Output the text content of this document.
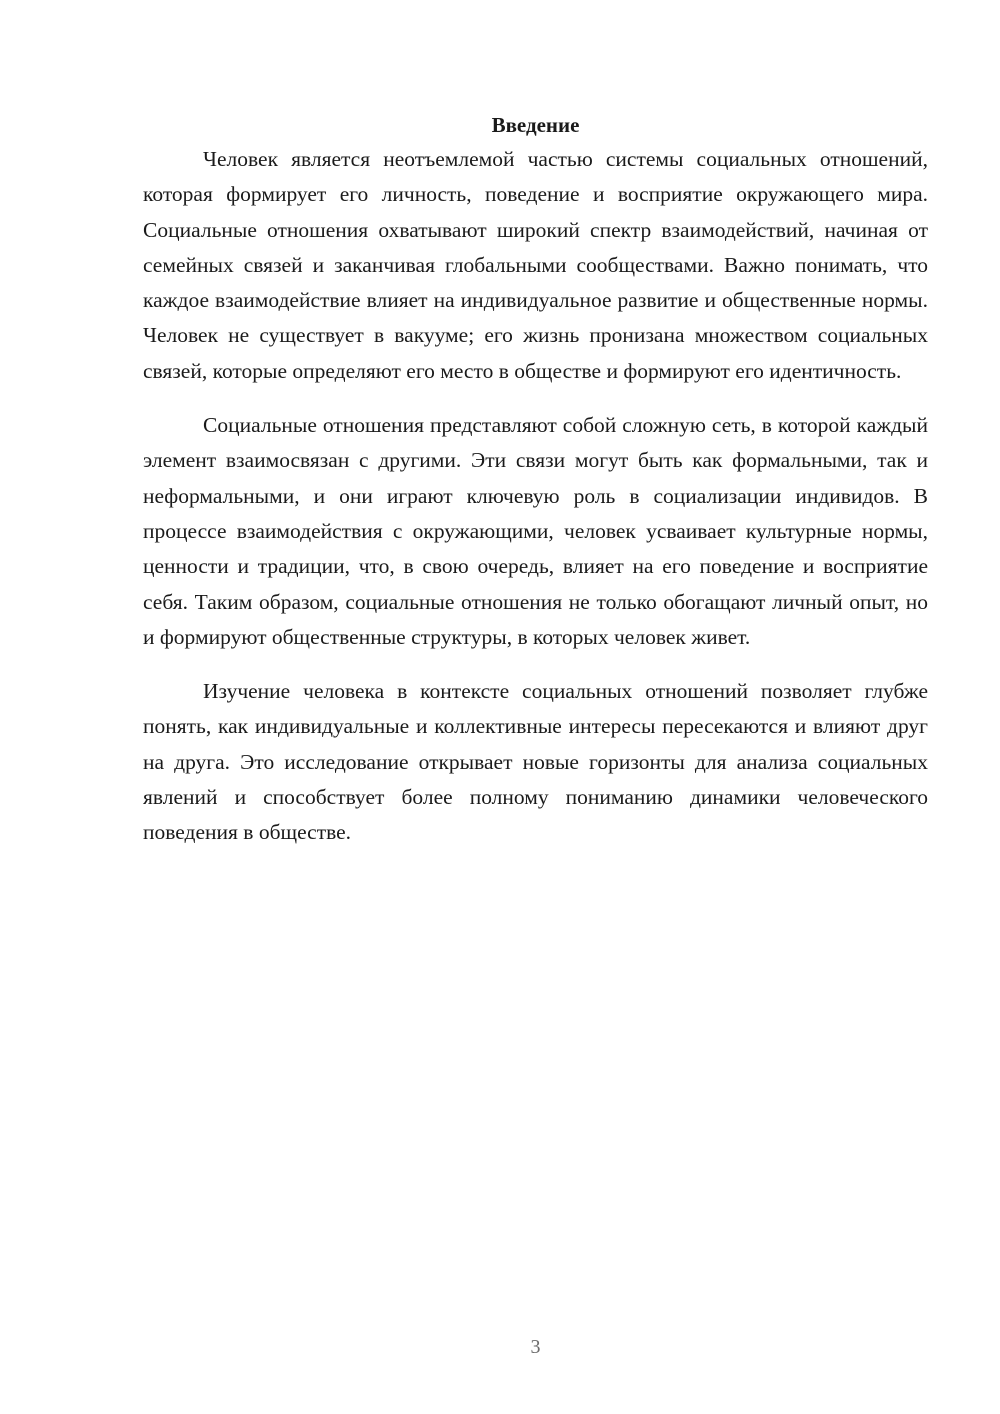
Введение

Человек является неотъемлемой частью системы социальных отношений, которая формирует его личность, поведение и восприятие окружающего мира. Социальные отношения охватывают широкий спектр взаимодействий, начиная от семейных связей и заканчивая глобальными сообществами. Важно понимать, что каждое взаимодействие влияет на индивидуальное развитие и общественные нормы. Человек не существует в вакууме; его жизнь пронизана множеством социальных связей, которые определяют его место в обществе и формируют его идентичность.

Социальные отношения представляют собой сложную сеть, в которой каждый элемент взаимосвязан с другими. Эти связи могут быть как формальными, так и неформальными, и они играют ключевую роль в социализации индивидов. В процессе взаимодействия с окружающими, человек усваивает культурные нормы, ценности и традиции, что, в свою очередь, влияет на его поведение и восприятие себя. Таким образом, социальные отношения не только обогащают личный опыт, но и формируют общественные структуры, в которых человек живет.

Изучение человека в контексте социальных отношений позволяет глубже понять, как индивидуальные и коллективные интересы пересекаются и влияют друг на друга. Это исследование открывает новые горизонты для анализа социальных явлений и способствует более полному пониманию динамики человеческого поведения в обществе.

3
